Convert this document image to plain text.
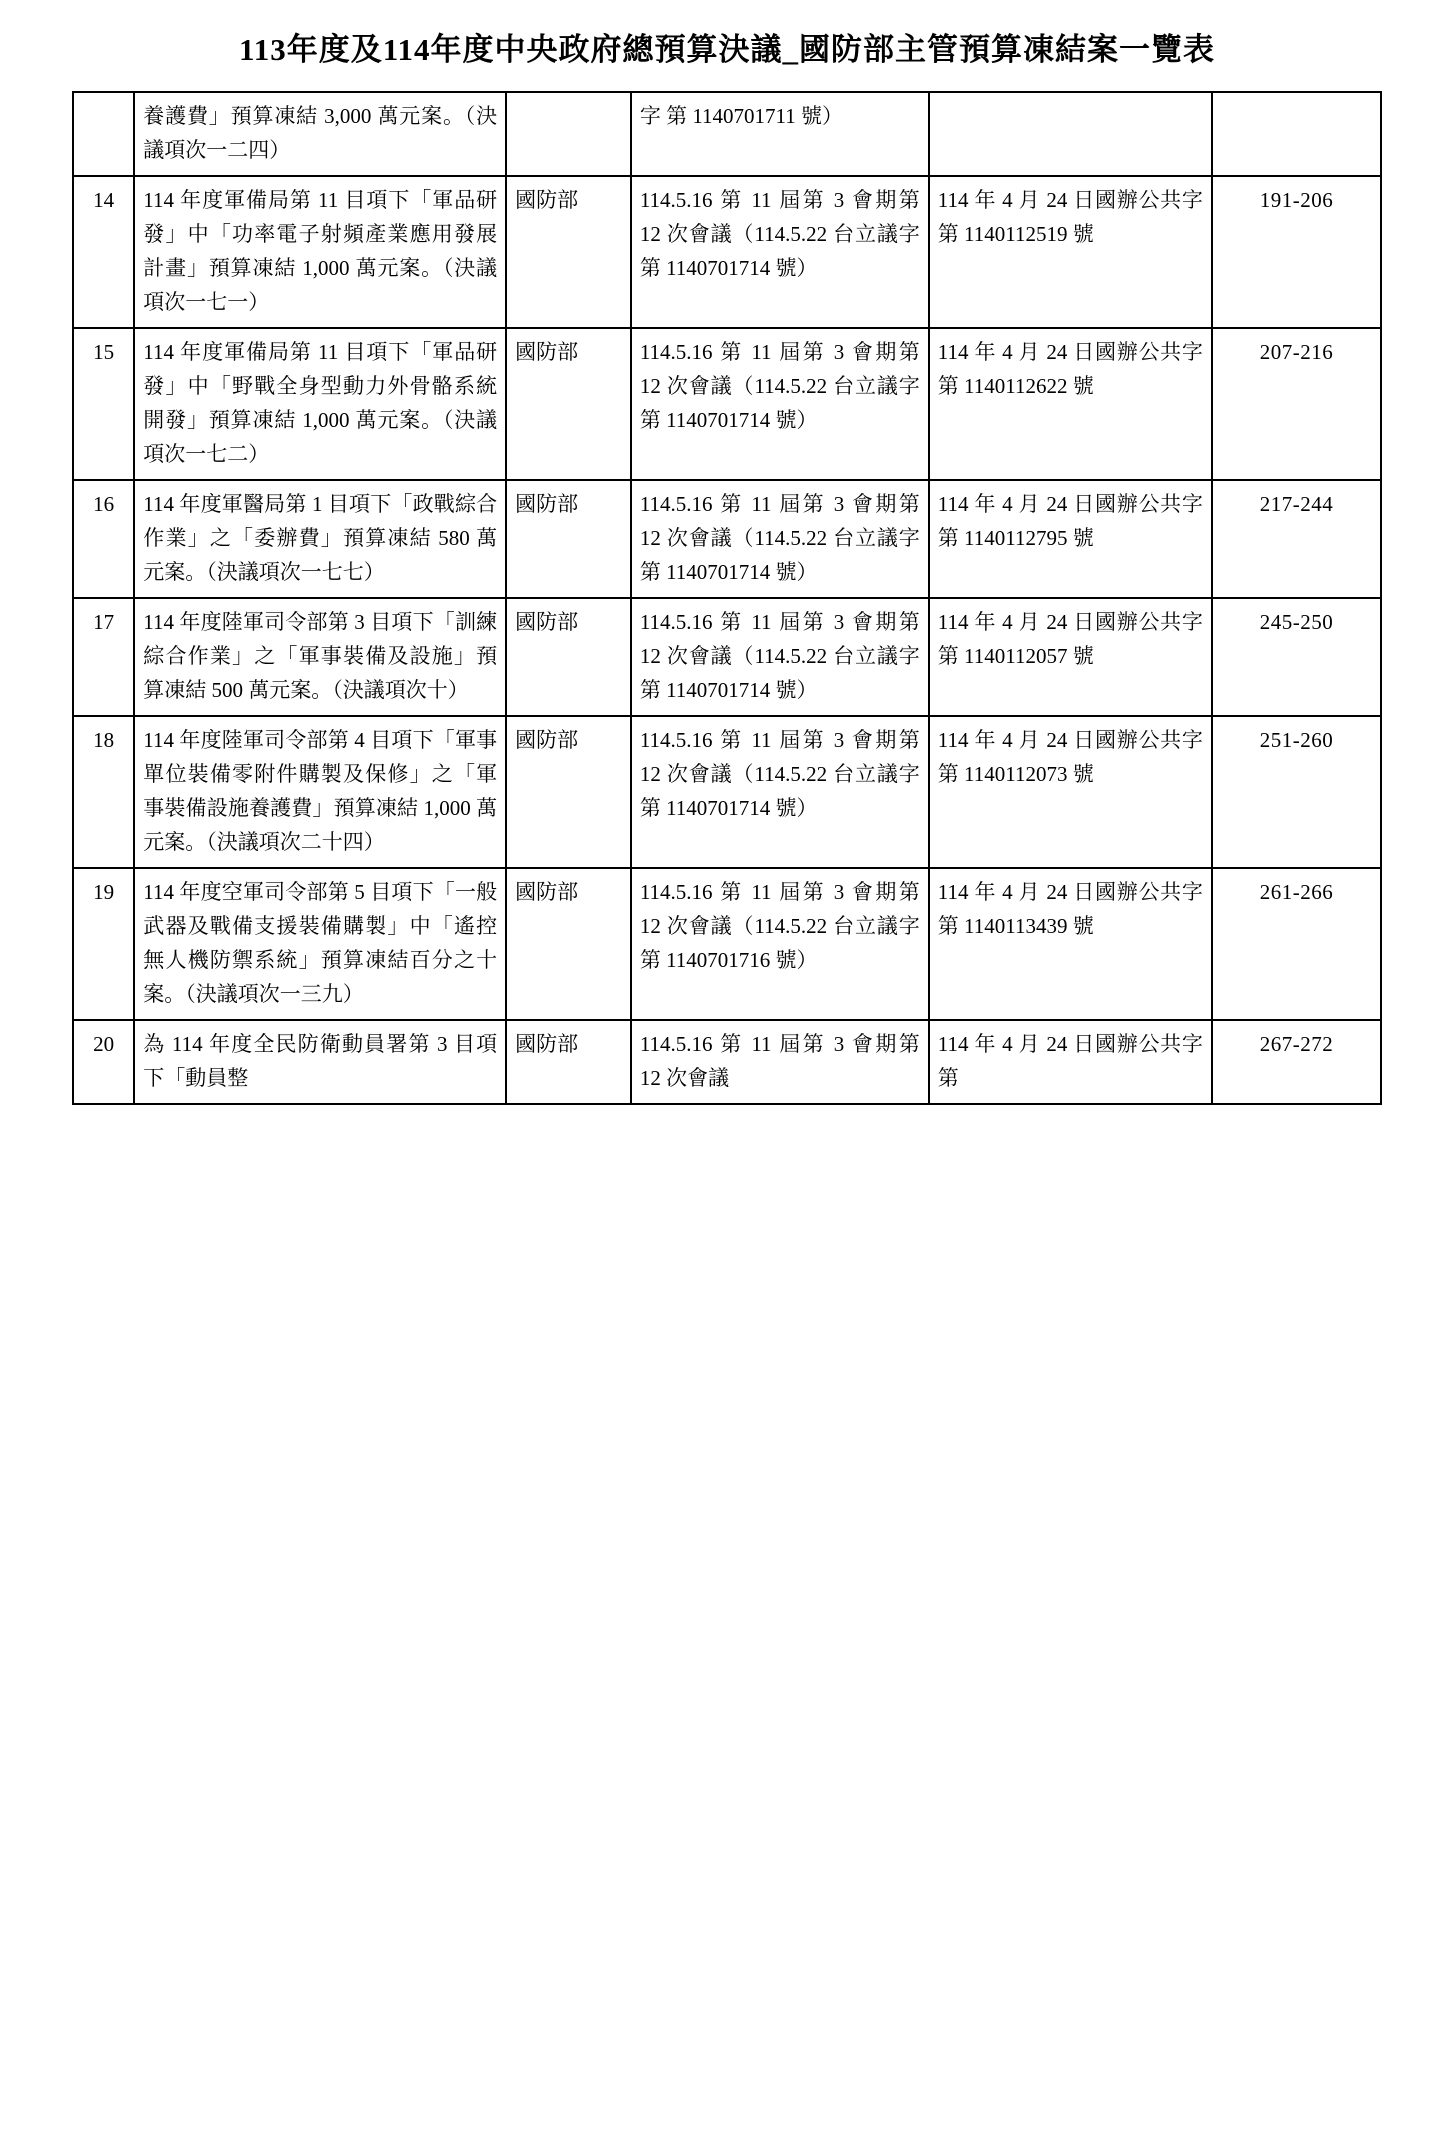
113年度及114年度中央政府總預算決議_國防部主管預算凍結案一覽表
	養護費」預算凍結 3,000 萬元案。（決議項次一二四）		字 第 1140701711 號）		
14	114 年度軍備局第 11 目項下「軍品研發」中「功率電子射頻產業應用發展計畫」預算凍結 1,000 萬元案。（決議項次一七一）	國防部	114.5.16 第 11 屆第 3 會期第 12 次會議（114.5.22 台立議字 第 1140701714 號）	114 年 4 月 24 日國辦公共字第 1140112519 號	191-206
15	114 年度軍備局第 11 目項下「軍品研發」中「野戰全身型動力外骨骼系統開發」預算凍結 1,000 萬元案。（決議項次一七二）	國防部	114.5.16 第 11 屆第 3 會期第 12 次會議（114.5.22 台立議字 第 1140701714 號）	114 年 4 月 24 日國辦公共字第 1140112622 號	207-216
16	114 年度軍醫局第 1 目項下「政戰綜合作業」之「委辦費」預算凍結 580 萬元案。（決議項次一七七）	國防部	114.5.16 第 11 屆第 3 會期第 12 次會議（114.5.22 台立議字 第 1140701714 號）	114 年 4 月 24 日國辦公共字第 1140112795 號	217-244
17	114 年度陸軍司令部第 3 目項下「訓練綜合作業」之「軍事裝備及設施」預算凍結 500 萬元案。（決議項次十）	國防部	114.5.16 第 11 屆第 3 會期第 12 次會議（114.5.22 台立議字 第 1140701714 號）	114 年 4 月 24 日國辦公共字第 1140112057 號	245-250
18	114 年度陸軍司令部第 4 目項下「軍事單位裝備零附件購製及保修」之「軍事裝備設施養護費」預算凍結 1,000 萬元案。（決議項次二十四）	國防部	114.5.16 第 11 屆第 3 會期第 12 次會議（114.5.22 台立議字 第 1140701714 號）	114 年 4 月 24 日國辦公共字第 1140112073 號	251-260
19	114 年度空軍司令部第 5 目項下「一般武器及戰備支援裝備購製」中「遙控無人機防禦系統」預算凍結百分之十案。（決議項次一三九）	國防部	114.5.16 第 11 屆第 3 會期第 12 次會議（114.5.22 台立議字 第 1140701716 號）	114 年 4 月 24 日國辦公共字第 1140113439 號	261-266
20	為 114 年度全民防衛動員署第 3 目項下「動員整	國防部	114.5.16 第 11 屆第 3 會期第 12 次會議	114 年 4 月 24 日國辦公共字第	267-272
